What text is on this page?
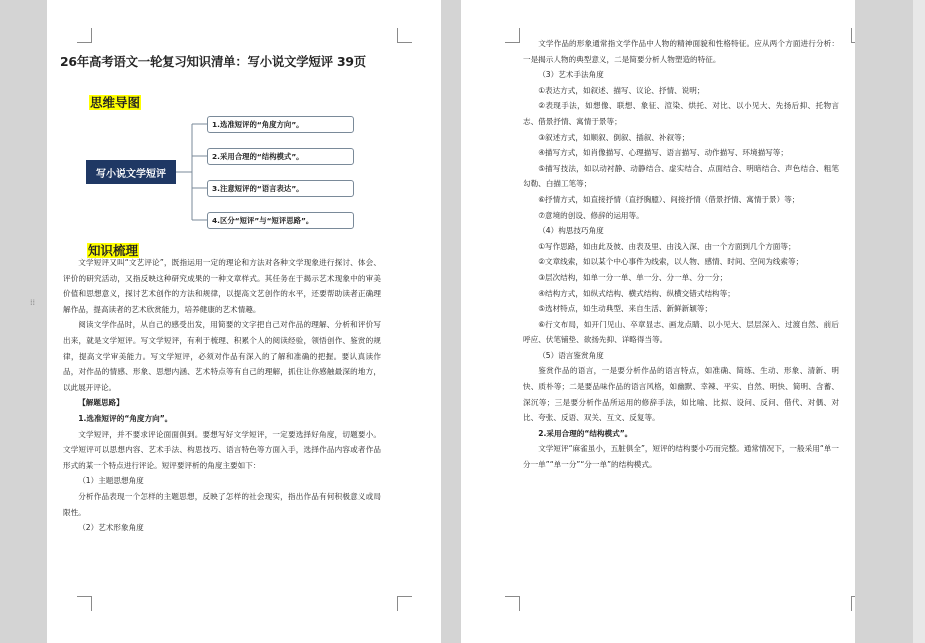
26年高考语文一轮复习知识清单：写小说文学短评 39页
思维导图
写小说文学短评
1.选准短评的“角度方向”。
2.采用合理的“结构模式”。
3.注意短评的“语言表达”。
4.区分“短评”与“短评思路”。
知识梳理

文学短评又叫“文艺评论”，既指运用一定的理论和方法对各种文学现象进行探讨、体会、评价的研究活动，又指反映这种研究成果的一种文章样式。其任务在于揭示艺术现象中的审美价值和思想意义，探讨艺术创作的方法和规律，以提高文艺创作的水平，还要帮助读者正确理解作品，提高读者的艺术欣赏能力，培养健康的艺术情趣。

阅读文学作品时，从自己的感受出发，用简要的文字把自己对作品的理解、分析和评价写出来，就是文学短评。写文学短评，有利于梳理、积累个人的阅读经验，领悟创作、鉴赏的规律，提高文学审美能力。写文学短评，必须对作品有深入的了解和准确的把握。要认真读作品，对作品的情感、形象、思想内涵、艺术特点等有自己的理解，抓住让你感触最深的地方，以此展开评论。

【解题思路】

1.选准短评的“角度方向”。

文学短评，并不要求评论面面俱到。要想写好文学短评，一定要选择好角度，切题要小。文学短评可以思想内容、艺术手法、构思技巧、语言特色等方面入手，选择作品内容或者作品形式的某一个特点进行评论。短评要评析的角度主要如下：

（1）主题思想角度

分析作品表现一个怎样的主题思想，反映了怎样的社会现实，指出作品有何积极意义或局限性。

（2）艺术形象角度

⁞⁞

文学作品的形象通常指文学作品中人物的精神面貌和性格特征。应从两个方面进行分析：一是揭示人物的典型意义，二是简要分析人物塑造的特征。

（3）艺术手法角度

①表达方式，如叙述、描写、议论、抒情、说明；

②表现手法，如想像、联想、象征、渲染、烘托、对比、以小见大、先扬后抑、托物言志、借景抒情、寓情于景等；

③叙述方式，如顺叙、倒叙、插叙、补叙等；

④描写方式，如肖像描写、心理描写、语言描写、动作描写、环境描写等；

⑤描写技法，如以动衬静、动静结合、虚实结合、点面结合、明暗结合、声色结合、粗笔勾勒、白描工笔等；

⑥抒情方式，如直接抒情（直抒胸臆）、间接抒情（借景抒情、寓情于景）等；

⑦意境的创设、修辞的运用等。

（4）构思技巧角度

①写作思路，如由此及彼、由表及里、由浅入深、由一个方面到几个方面等；

②文章线索，如以某个中心事件为线索，以人物、感情、时间、空间为线索等；

③层次结构，如单一分一单、单一分、分一单、分一分；

④结构方式，如纵式结构、横式结构、纵横交错式结构等；

⑤选材特点，如生动典型、来自生活、新鲜新颖等；

⑥行文布局，如开门见山、卒章显志、画龙点睛、以小见大、层层深入、过渡自然、前后呼应、伏笔铺垫、欲扬先抑、详略得当等。

（5）语言鉴赏角度

鉴赏作品的语言，一是要分析作品的语言特点，如准确、简练、生动、形象、清新、明快、质朴等；二是要品味作品的语言风格，如幽默、幸辣、平实、自然、明快、简明、含蓄、深沉等；三是要分析作品所运用的修辞手法，如比喻、比拟、设问、反问、借代、对偶、对比、夸张、反语、双关、互文、反复等。

2.采用合理的“结构模式”。

文学短评“麻雀虽小，五脏俱全”，短评的结构要小巧而完整。通常情况下，一般采用“单一分一单”“单一分”“分一单”的结构模式。
